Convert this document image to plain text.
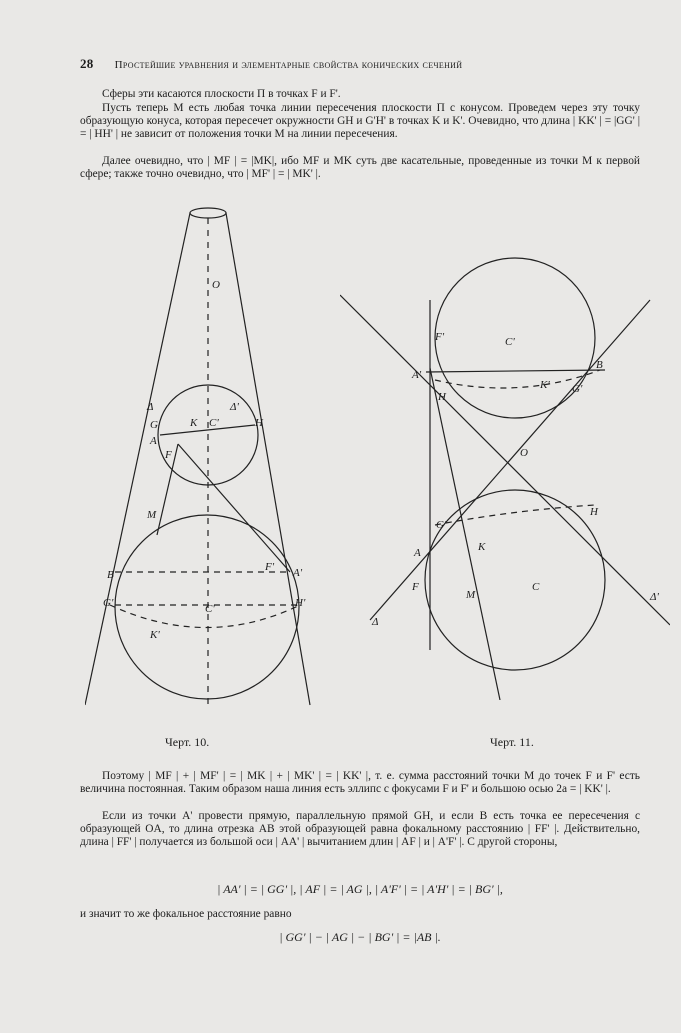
28 Простейшие уравнения и элементарные свойства конических сечений
Сферы эти касаются плоскости П в точках F и F'.
Пусть теперь M есть любая точка линии пересечения плоскости П с конусом. Проведем через эту точку образующую конуса, которая пересечет окружности GH и G'H' в точках K и K'. Очевидно, что длина | KK' | = |GG' | = | HH' | не зависит от положения точки M на линии пересечения.
Далее очевидно, что | MF | = |MK|, ибо MF и MK суть две касательные, проведенные из точки M к первой сфере; также точно очевидно, что | MF' | = | MK' |.
Δ	Δ'
O
G
A
K C'	H
F
M
B
F' A'
G'	C'	H'
K'
Черт. 10.
F'	C'
A'
H
K'
B
G'
O
G'
K
H
A
F
M
C
Δ
Δ'
Черт. 11.
Поэтому | MF | + | MF' | = | MK | + | MK' | = | KK' |, т. е. сумма расстояний точки M до точек F и F' есть величина постоянная. Таким образом наша линия есть эллипс с фокусами F и F' и большою осью 2a = | KK' |.
Если из точки A' провести прямую, параллельную прямой GH, и если B есть точка ее пересечения с образующей OA, то длина отрезка AB этой образующей равна фокальному расстоянию | FF' |. Действительно, длина | FF' | получается из большой оси | AA' | вычитанием длин | AF | и | A'F' |. С другой стороны,
| AA' | = | GG' |, | AF | = | AG |, | A'F' | = | A'H' | = | BG' |,
и значит то же фокальное расстояние равно
| GG' | − | AG | − | BG' | = |AB |.
